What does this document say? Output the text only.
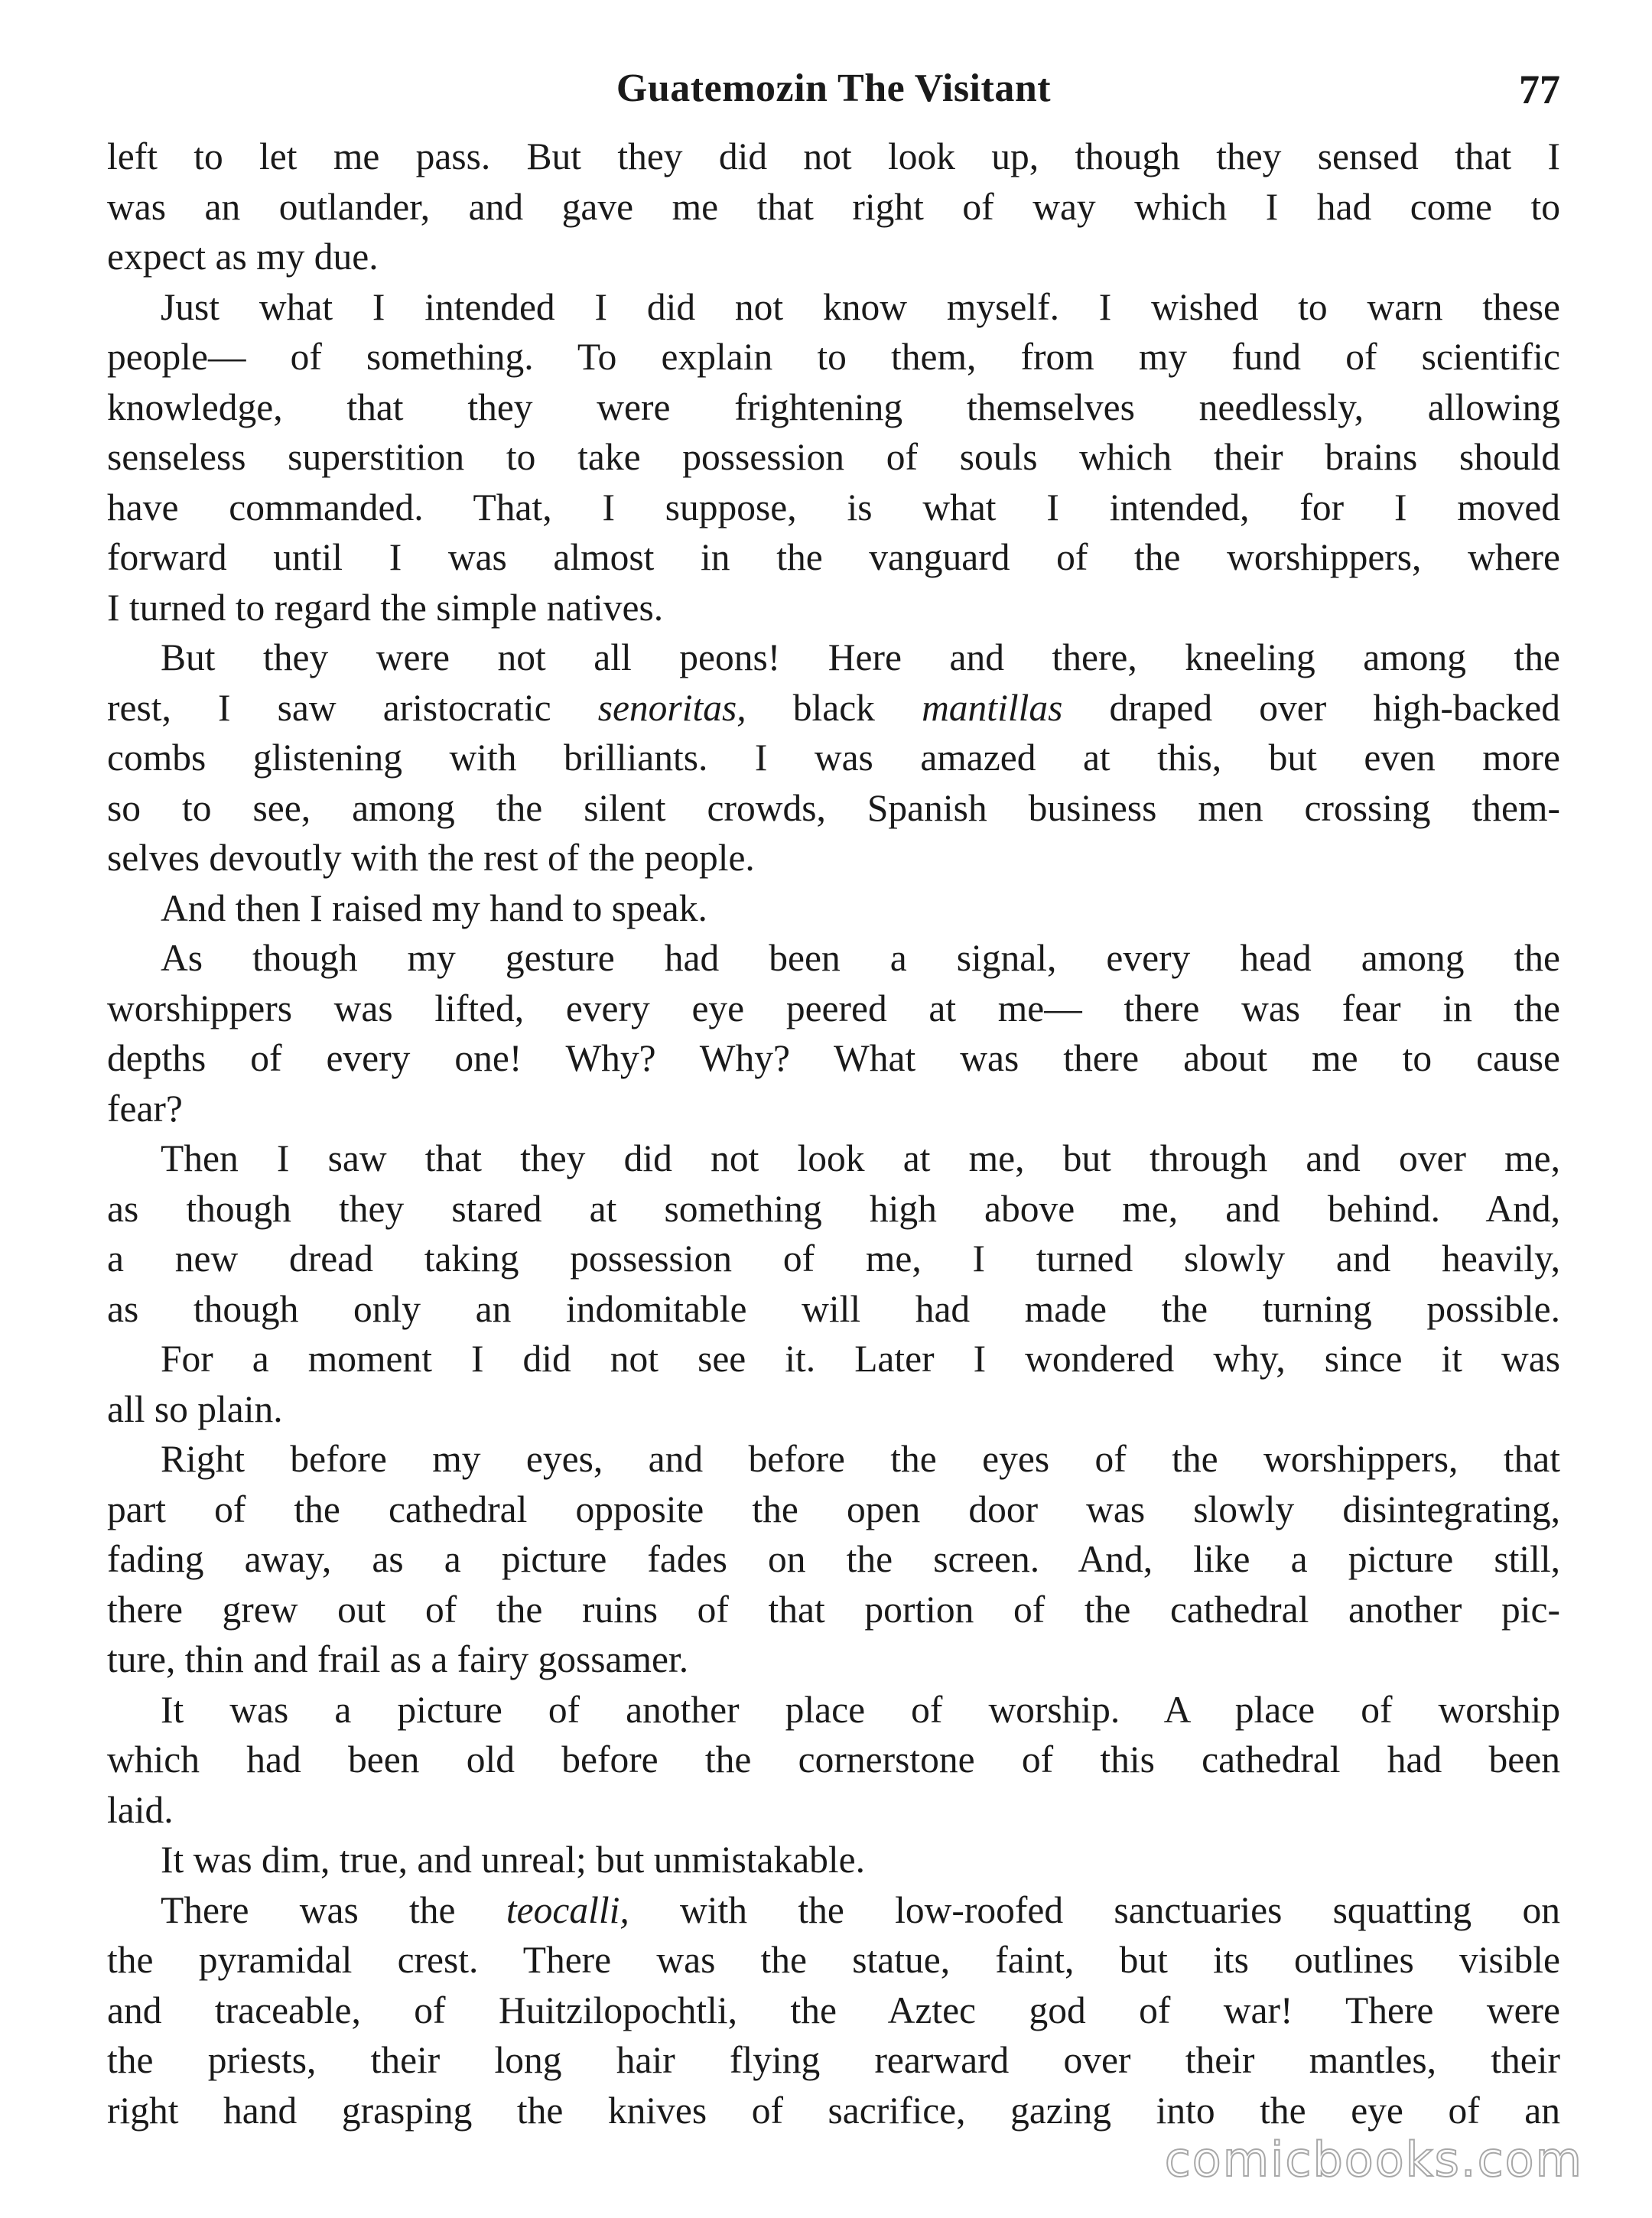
Guatemozin The Visitant	77
left to let me pass. But they did not look up, though they sensed that I
was an outlander, and gave me that right of way which I had come to
expect as my due.
Just what I intended I did not know myself. I wished to warn these
people— of something. To explain to them, from my fund of scientific
knowledge, that they were frightening themselves needlessly, allowing
senseless superstition to take possession of souls which their brains should
have commanded. That, I suppose, is what I intended, for I moved
forward until I was almost in the vanguard of the worshippers, where
I turned to regard the simple natives.
But they were not all peons! Here and there, kneeling among the
rest, I saw aristocratic senoritas, black mantillas draped over high-backed
combs glistening with brilliants. I was amazed at this, but even more
so to see, among the silent crowds, Spanish business men crossing them-
selves devoutly with the rest of the people.
And then I raised my hand to speak.
As though my gesture had been a signal, every head among the
worshippers was lifted, every eye peered at me— there was fear in the
depths of every one! Why? Why? What was there about me to cause
fear?
Then I saw that they did not look at me, but through and over me,
as though they stared at something high above me, and behind. And,
a new dread taking possession of me, I turned slowly and heavily,
as though only an indomitable will had made the turning possible.
For a moment I did not see it. Later I wondered why, since it was
all so plain.
Right before my eyes, and before the eyes of the worshippers, that
part of the cathedral opposite the open door was slowly disintegrating,
fading away, as a picture fades on the screen. And, like a picture still,
there grew out of the ruins of that portion of the cathedral another pic-
ture, thin and frail as a fairy gossamer.
It was a picture of another place of worship. A place of worship
which had been old before the cornerstone of this cathedral had been
laid.
It was dim, true, and unreal; but unmistakable.
There was the teocalli, with the low-roofed sanctuaries squatting on
the pyramidal crest. There was the statue, faint, but its outlines visible
and traceable, of Huitzilopochtli, the Aztec god of war! There were
the priests, their long hair flying rearward over their mantles, their
right hand grasping the knives of sacrifice, gazing into the eye of an
comicbooks.com
